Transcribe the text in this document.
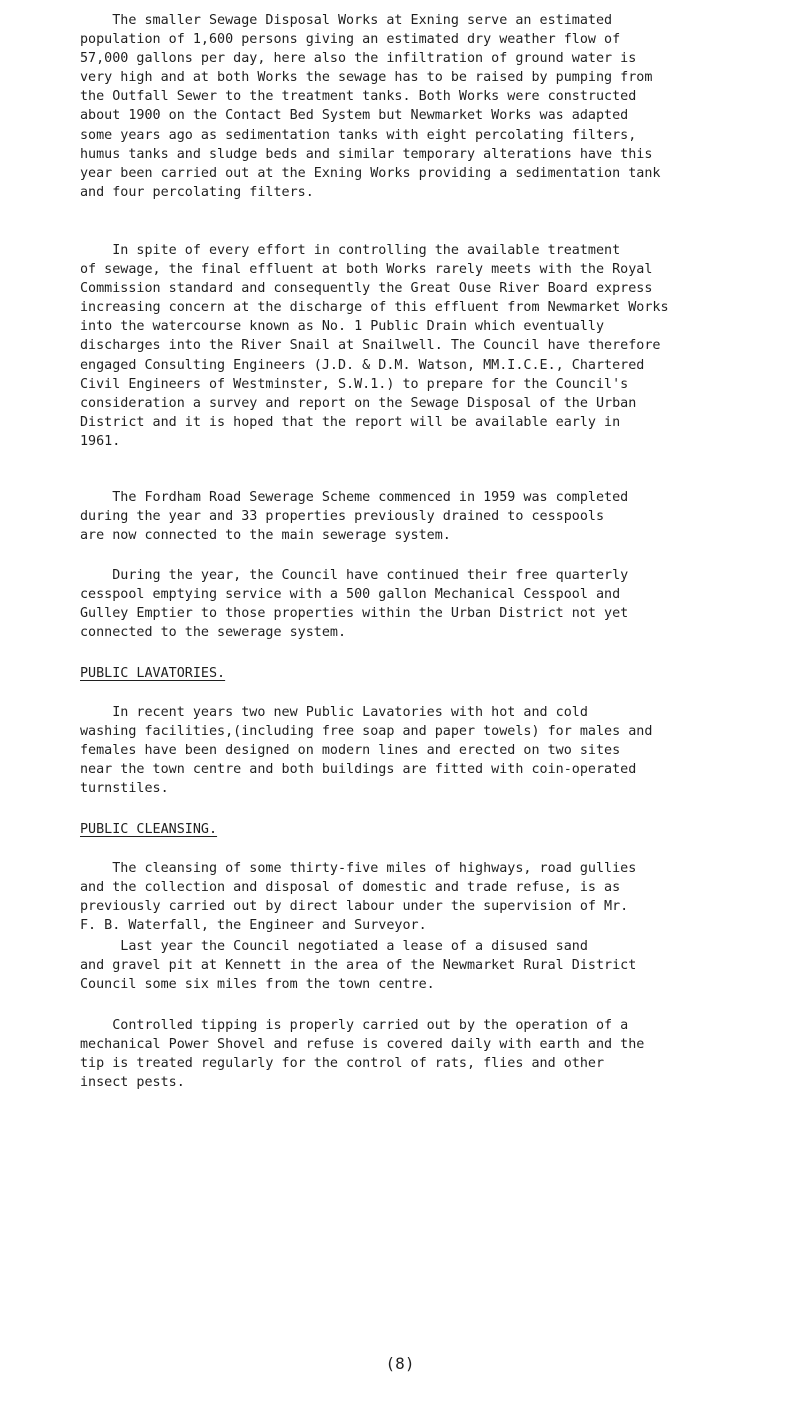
The smaller Sewage Disposal Works at Exning serve an estimated
population of 1,600 persons giving an estimated dry weather flow of
57,000 gallons per day, here also the infiltration of ground water is
very high and at both Works the sewage has to be raised by pumping from
the Outfall Sewer to the treatment tanks. Both Works were constructed
about 1900 on the Contact Bed System but Newmarket Works was adapted
some years ago as sedimentation tanks with eight percolating filters,
humus tanks and sludge beds and similar temporary alterations have this
year been carried out at the Exning Works providing a sedimentation tank
and four percolating filters.
In spite of every effort in controlling the available treatment
of sewage, the final effluent at both Works rarely meets with the Royal
Commission standard and consequently the Great Ouse River Board express
increasing concern at the discharge of this effluent from Newmarket Works
into the watercourse known as No. 1 Public Drain which eventually
discharges into the River Snail at Snailwell. The Council have therefore
engaged Consulting Engineers (J.D. & D.M. Watson, MM.I.C.E., Chartered
Civil Engineers of Westminster, S.W.1.) to prepare for the Council's
consideration a survey and report on the Sewage Disposal of the Urban
District and it is hoped that the report will be available early in
1961.
The Fordham Road Sewerage Scheme commenced in 1959 was completed
during the year and 33 properties previously drained to cesspools
are now connected to the main sewerage system.
During the year, the Council have continued their free quarterly
cesspool emptying service with a 500 gallon Mechanical Cesspool and
Gulley Emptier to those properties within the Urban District not yet
connected to the sewerage system.
PUBLIC LAVATORIES.
In recent years two new Public Lavatories with hot and cold
washing facilities,(including free soap and paper towels) for males and
females have been designed on modern lines and erected on two sites
near the town centre and both buildings are fitted with coin-operated
turnstiles.
PUBLIC CLEANSING.
The cleansing of some thirty-five miles of highways, road gullies
and the collection and disposal of domestic and trade refuse, is as
previously carried out by direct labour under the supervision of Mr.
F. B. Waterfall, the Engineer and Surveyor.
Last year the Council negotiated a lease of a disused sand
and gravel pit at Kennett in the area of the Newmarket Rural District
Council some six miles from the town centre.
Controlled tipping is properly carried out by the operation of a
mechanical Power Shovel and refuse is covered daily with earth and the
tip is treated regularly for the control of rats, flies and other
insect pests.
(8)
